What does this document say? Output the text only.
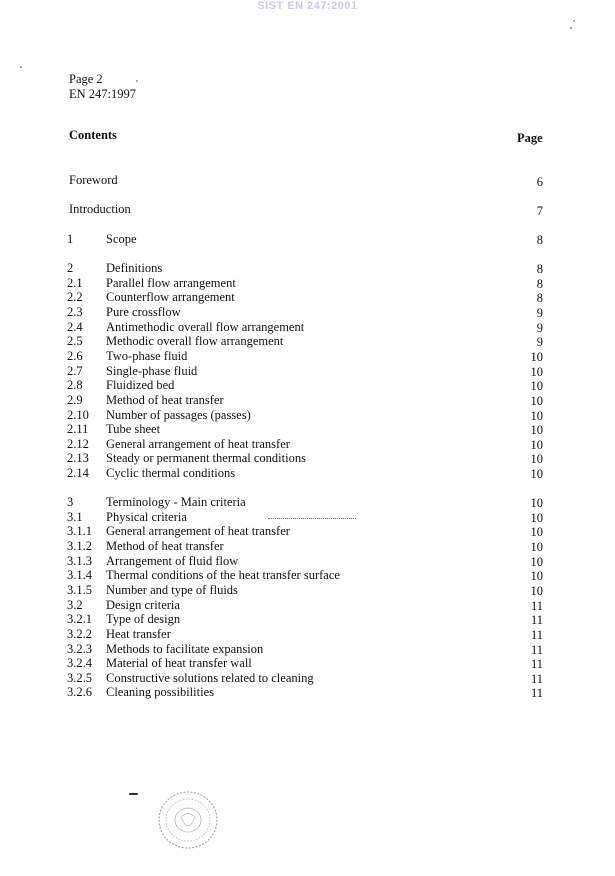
SIST EN 247:2001
Page 2
EN 247:1997
Contents	Page
Foreword	6
Introduction	7
1	Scope	8
2	Definitions	8
2.1 Parallel flow arrangement	8
2.2 Counterflow arrangement	8
2.3 Pure crossflow	9
2.4 Antimethodic overall flow arrangement	9
2.5 Methodic overall flow arrangement	9
2.6 Two-phase fluid	10
2.7 Single-phase fluid	10
2.8 Fluidized bed	10
2.9 Method of heat transfer	10
2.10 Number of passages (passes)	10
2.11 Tube sheet	10
2.12 General arrangement of heat transfer	10
2.13 Steady or permanent thermal conditions	10
2.14 Cyclic thermal conditions	10
3	Terminology - Main criteria	10
3.1 Physical criteria	10
3.1.1 General arrangement of heat transfer	10
3.1.2 Method of heat transfer	10
3.1.3 Arrangement of fluid flow	10
3.1.4 Thermal conditions of the heat transfer surface	10
3.1.5 Number and type of fluids	10
3.2 Design criteria	11
3.2.1 Type of design	11
3.2.2 Heat transfer	11
3.2.3 Methods to facilitate expansion	11
3.2.4 Material of heat transfer wall	11
3.2.5 Constructive solutions related to cleaning	11
3.2.6 Cleaning possibilities	11
